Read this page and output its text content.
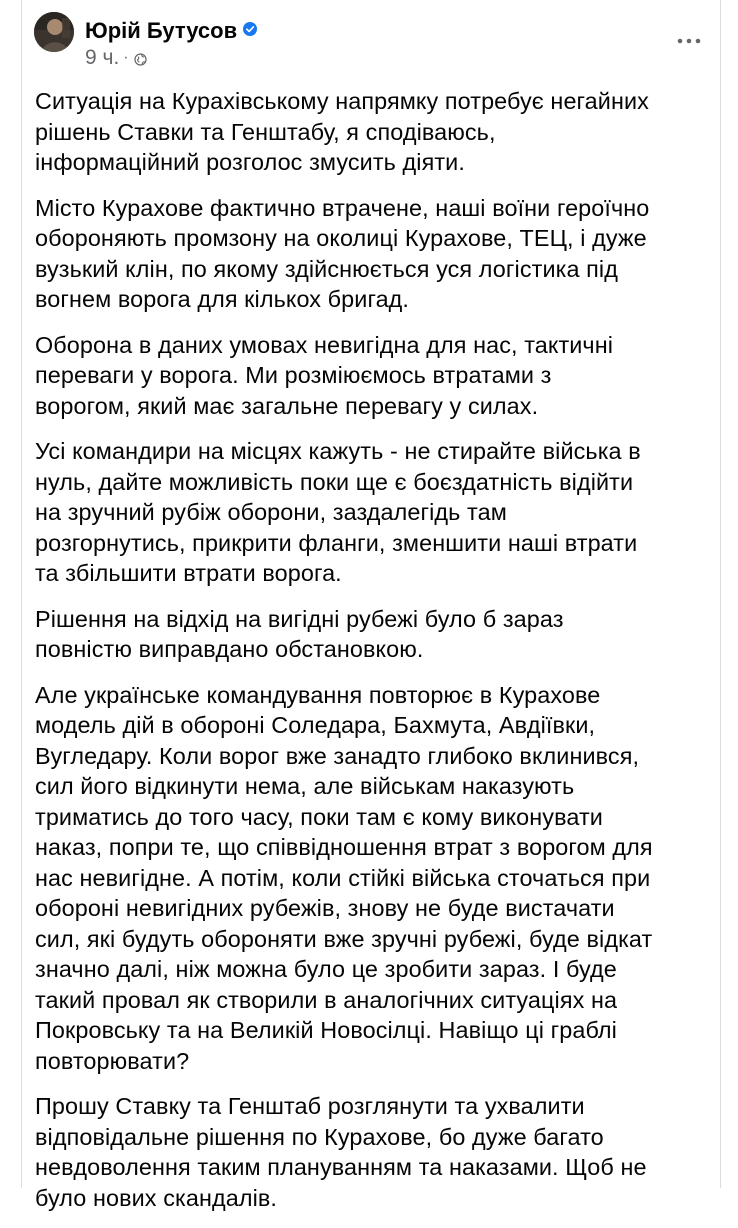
Юрій Бутусов
9 ч. ·

Ситуація на Курахівському напрямку потребує негайних
рішень Ставки та Генштабу, я сподіваюсь,
інформаційний розголос змусить діяти.

Місто Курахове фактично втрачене, наші воїни героїчно
обороняють промзону на околиці Курахове, ТЕЦ, і дуже
вузький клін, по якому здійснюється уся логістика під
вогнем ворога для кількох бригад.

Оборона в даних умовах невигідна для нас, тактичні
переваги у ворога. Ми розміюємось втратами з
ворогом, який має загальне перевагу у силах.

Усі командири на місцях кажуть - не стирайте війська в
нуль, дайте можливість поки ще є боєздатність відійти
на зручний рубіж оборони, заздалегідь там
розгорнутись, прикрити фланги, зменшити наші втрати
та збільшити втрати ворога.

Рішення на відхід на вигідні рубежі було б зараз
повністю виправдано обстановкою.

Але українське командування повторює в Курахове
модель дій в обороні Соледара, Бахмута, Авдіївки,
Вугледару. Коли ворог вже занадто глибоко вклинився,
сил його відкинути нема, але військам наказують
триматись до того часу, поки там є кому виконувати
наказ, попри те, що співвідношення втрат з ворогом для
нас невигідне. А потім, коли стійкі війська сточаться при
обороні невигідних рубежів, знову не буде вистачати
сил, які будуть обороняти вже зручні рубежі, буде відкат
значно далі, ніж можна було це зробити зараз. І буде
такий провал як створили в аналогічних ситуаціях на
Покровську та на Великій Новосілці. Навіщо ці граблі
повторювати?

Прошу Ставку та Генштаб розглянути та ухвалити
відповідальне рішення по Курахове, бо дуже багато
невдоволення таким плануванням та наказами. Щоб не
було нових скандалів.
